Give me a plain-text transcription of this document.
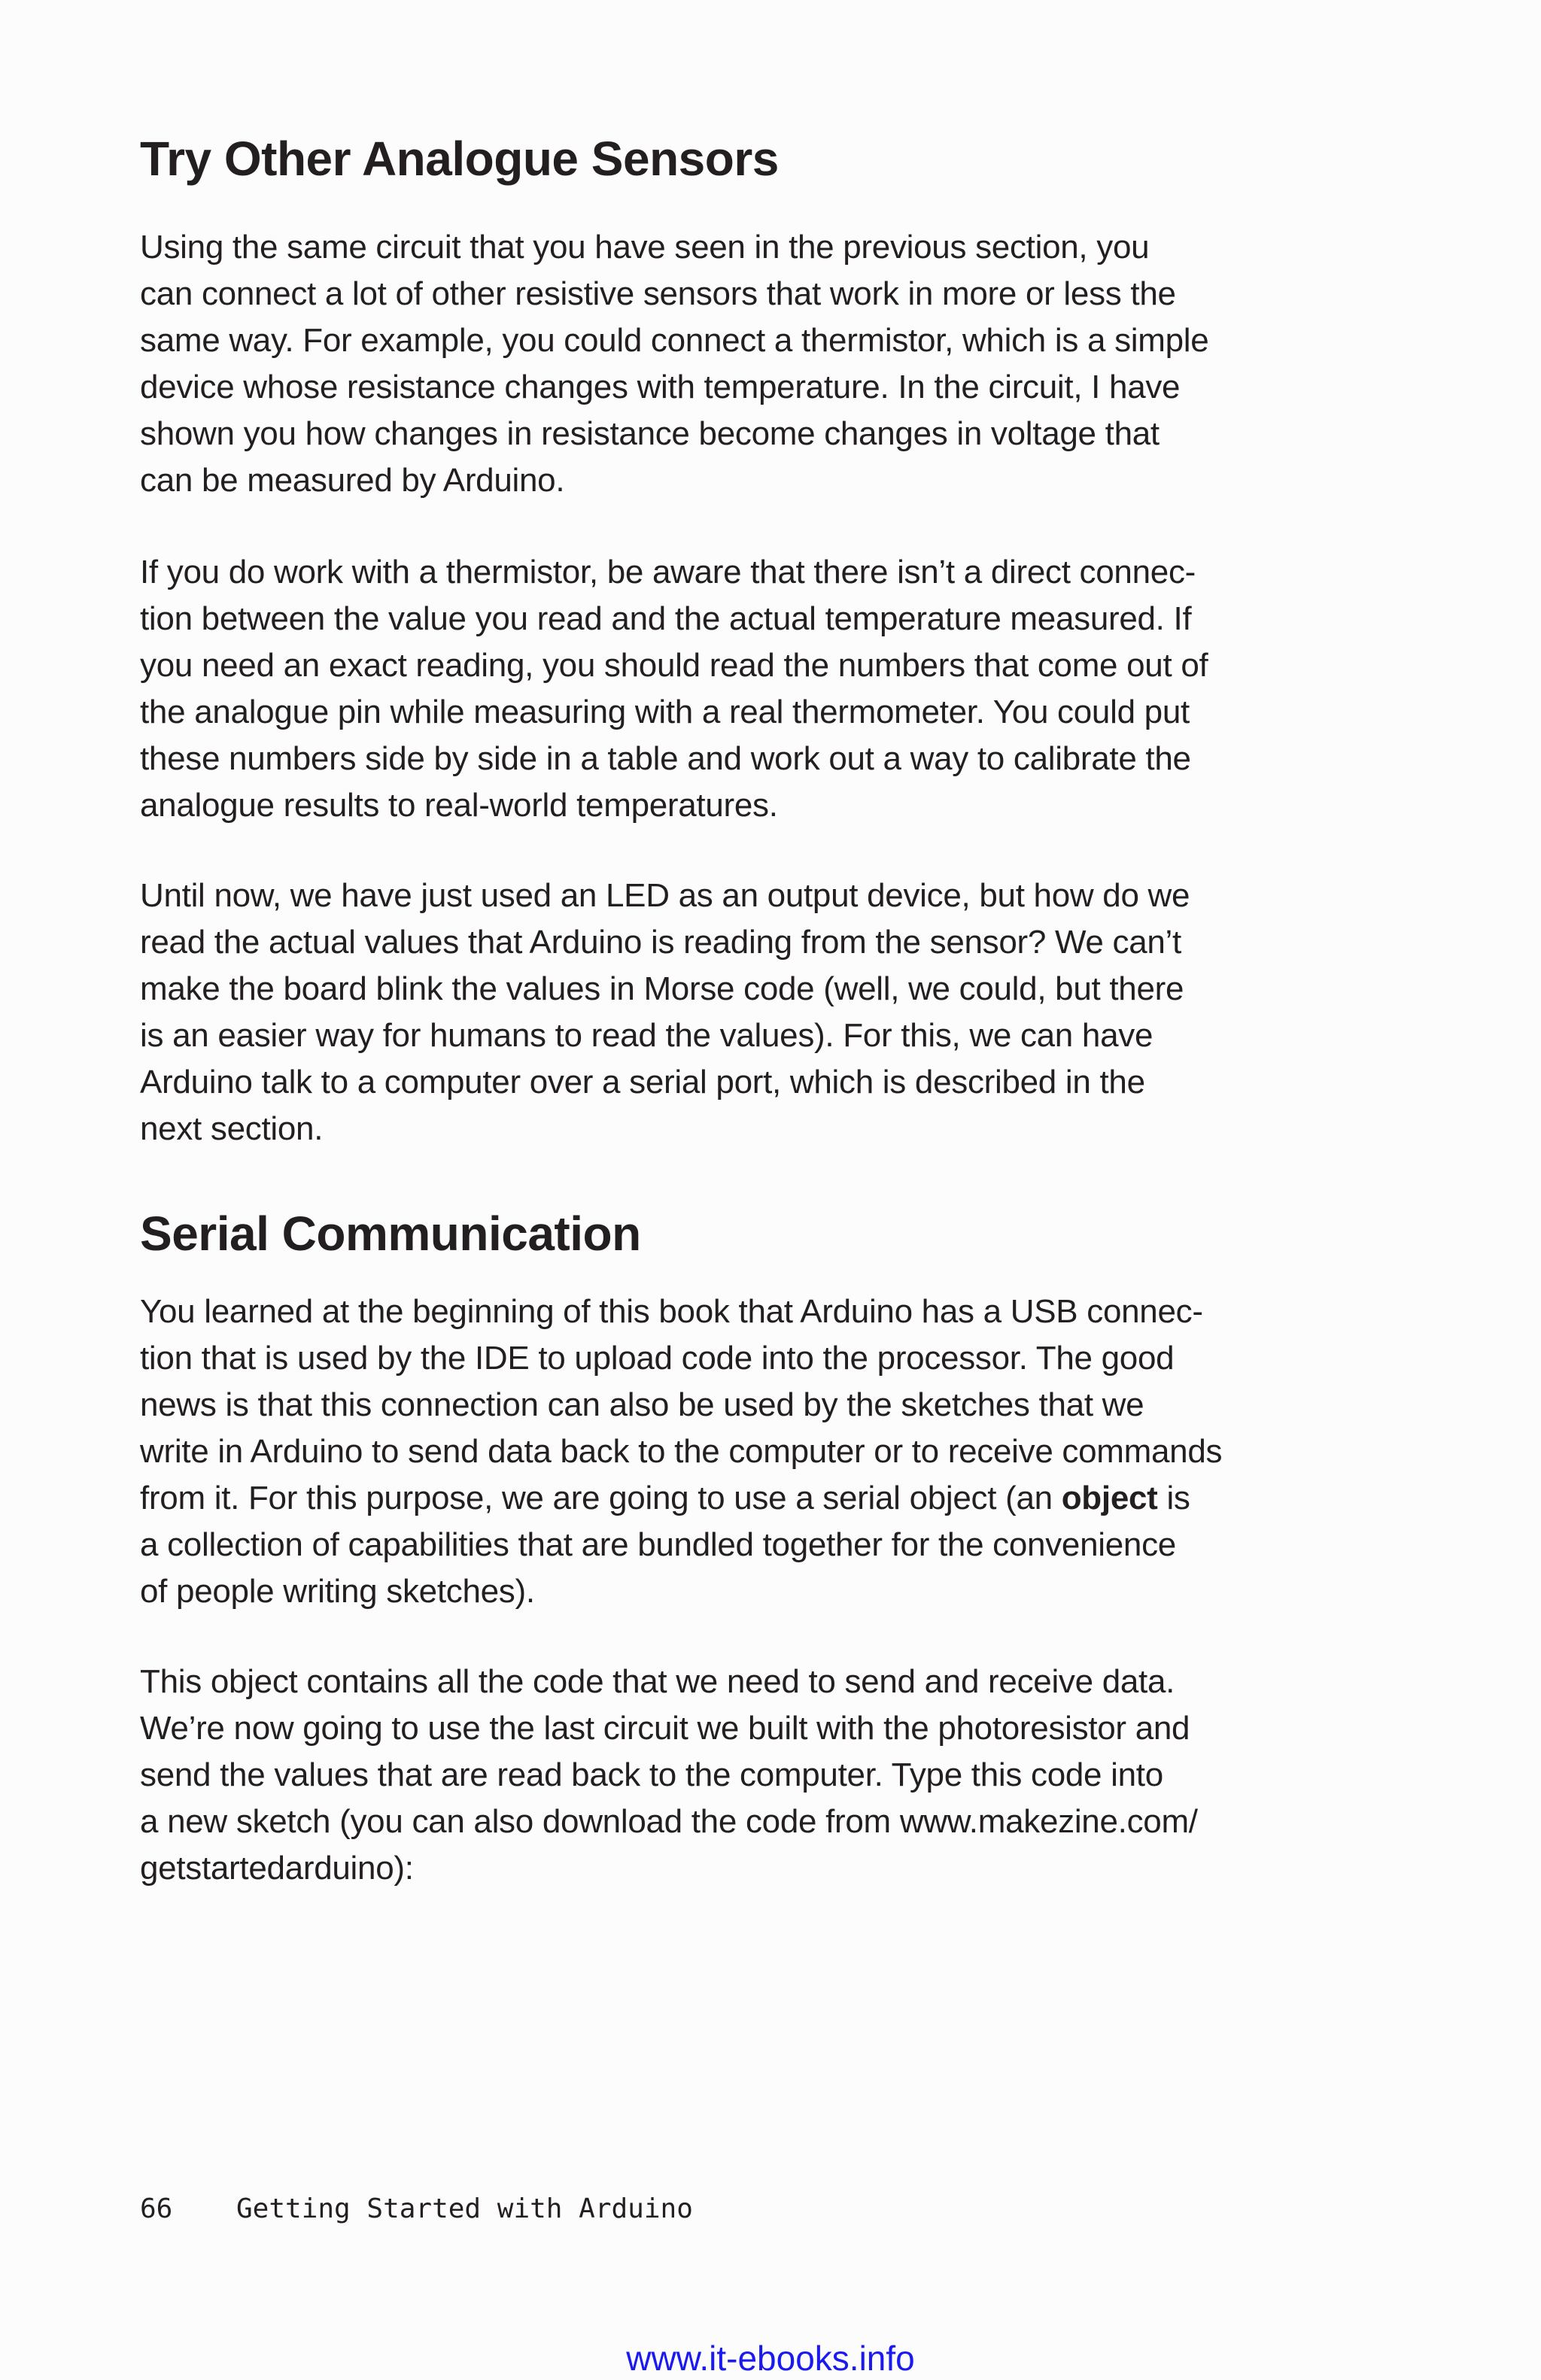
Try Other Analogue Sensors

Using the same circuit that you have seen in the previous section, you
can connect a lot of other resistive sensors that work in more or less the
same way. For example, you could connect a thermistor, which is a simple
device whose resistance changes with temperature. In the circuit, I have
shown you how changes in resistance become changes in voltage that
can be measured by Arduino.

If you do work with a thermistor, be aware that there isn’t a direct connec-
tion between the value you read and the actual temperature measured. If
you need an exact reading, you should read the numbers that come out of
the analogue pin while measuring with a real thermometer. You could put
these numbers side by side in a table and work out a way to calibrate the
analogue results to real-world temperatures.

Until now, we have just used an LED as an output device, but how do we
read the actual values that Arduino is reading from the sensor? We can’t
make the board blink the values in Morse code (well, we could, but there
is an easier way for humans to read the values). For this, we can have
Arduino talk to a computer over a serial port, which is described in the
next section.

Serial Communication

You learned at the beginning of this book that Arduino has a USB connec-
tion that is used by the IDE to upload code into the processor. The good
news is that this connection can also be used by the sketches that we
write in Arduino to send data back to the computer or to receive commands
from it. For this purpose, we are going to use a serial object (an object is
a collection of capabilities that are bundled together for the convenience
of people writing sketches).

This object contains all the code that we need to send and receive data.
We’re now going to use the last circuit we built with the photoresistor and
send the values that are read back to the computer. Type this code into
a new sketch (you can also download the code from www.makezine.com/
getstartedarduino):

66 Getting Started with Arduino
www.it-ebooks.info
